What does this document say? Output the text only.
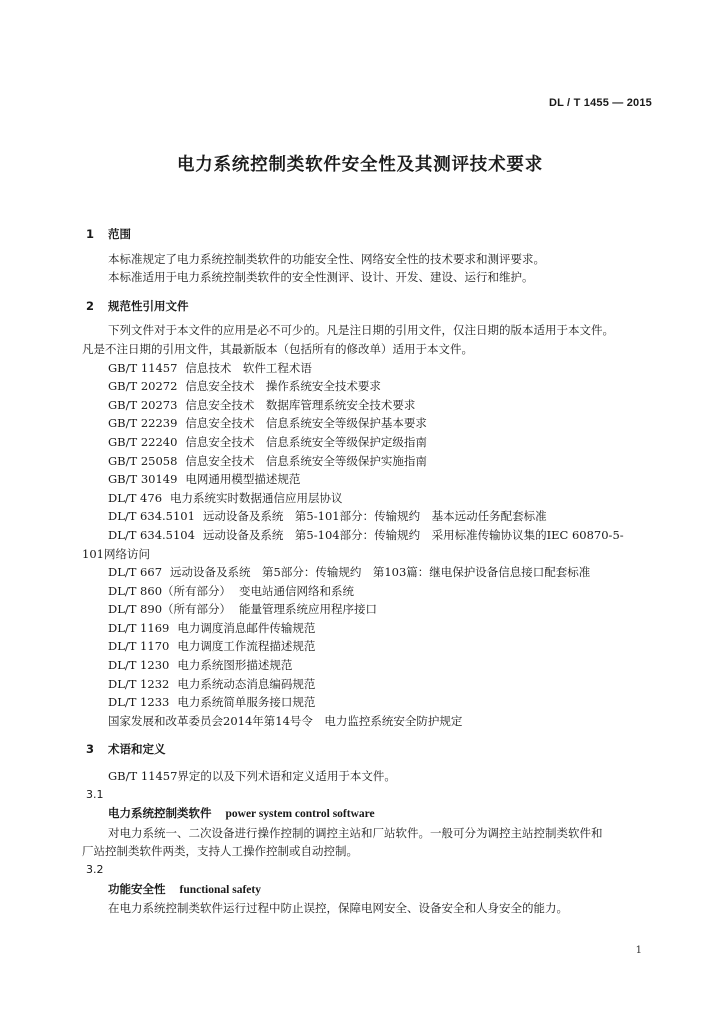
DL / T 1455 — 2015
电力系统控制类软件安全性及其测评技术要求

1 范围

本标准规定了电力系统控制类软件的功能安全性、网络安全性的技术要求和测评要求。

本标准适用于电力系统控制类软件的安全性测评、设计、开发、建设、运行和维护。

2 规范性引用文件

下列文件对于本文件的应用是必不可少的。凡是注日期的引用文件，仅注日期的版本适用于本文件。

凡是不注日期的引用文件，其最新版本（包括所有的修改单）适用于本文件。

GB/T 11457 信息技术　软件工程术语
GB/T 20272 信息安全技术　操作系统安全技术要求
GB/T 20273 信息安全技术　数据库管理系统安全技术要求
GB/T 22239 信息安全技术　信息系统安全等级保护基本要求
GB/T 22240 信息安全技术　信息系统安全等级保护定级指南
GB/T 25058 信息安全技术　信息系统安全等级保护实施指南
GB/T 30149 电网通用模型描述规范
DL/T 476 电力系统实时数据通信应用层协议
DL/T 634.5101 远动设备及系统　第5-101部分：传输规约　基本远动任务配套标准
DL/T 634.5104 远动设备及系统　第5-104部分：传输规约　采用标准传输协议集的IEC 60870-5-
101网络访问
DL/T 667 远动设备及系统　第5部分：传输规约　第103篇：继电保护设备信息接口配套标准
DL/T 860（所有部分） 变电站通信网络和系统
DL/T 890（所有部分） 能量管理系统应用程序接口
DL/T 1169 电力调度消息邮件传输规范
DL/T 1170 电力调度工作流程描述规范
DL/T 1230 电力系统图形描述规范
DL/T 1232 电力系统动态消息编码规范
DL/T 1233 电力系统简单服务接口规范
国家发展和改革委员会2014年第14号令　电力监控系统安全防护规定

3 术语和定义

GB/T 11457界定的以及下列术语和定义适用于本文件。

3.1

电力系统控制类软件 power system control software

对电力系统一、二次设备进行操作控制的调控主站和厂站软件。一般可分为调控主站控制类软件和

厂站控制类软件两类，支持人工操作控制或自动控制。

3.2

功能安全性 functional safety

在电力系统控制类软件运行过程中防止误控，保障电网安全、设备安全和人身安全的能力。

1
